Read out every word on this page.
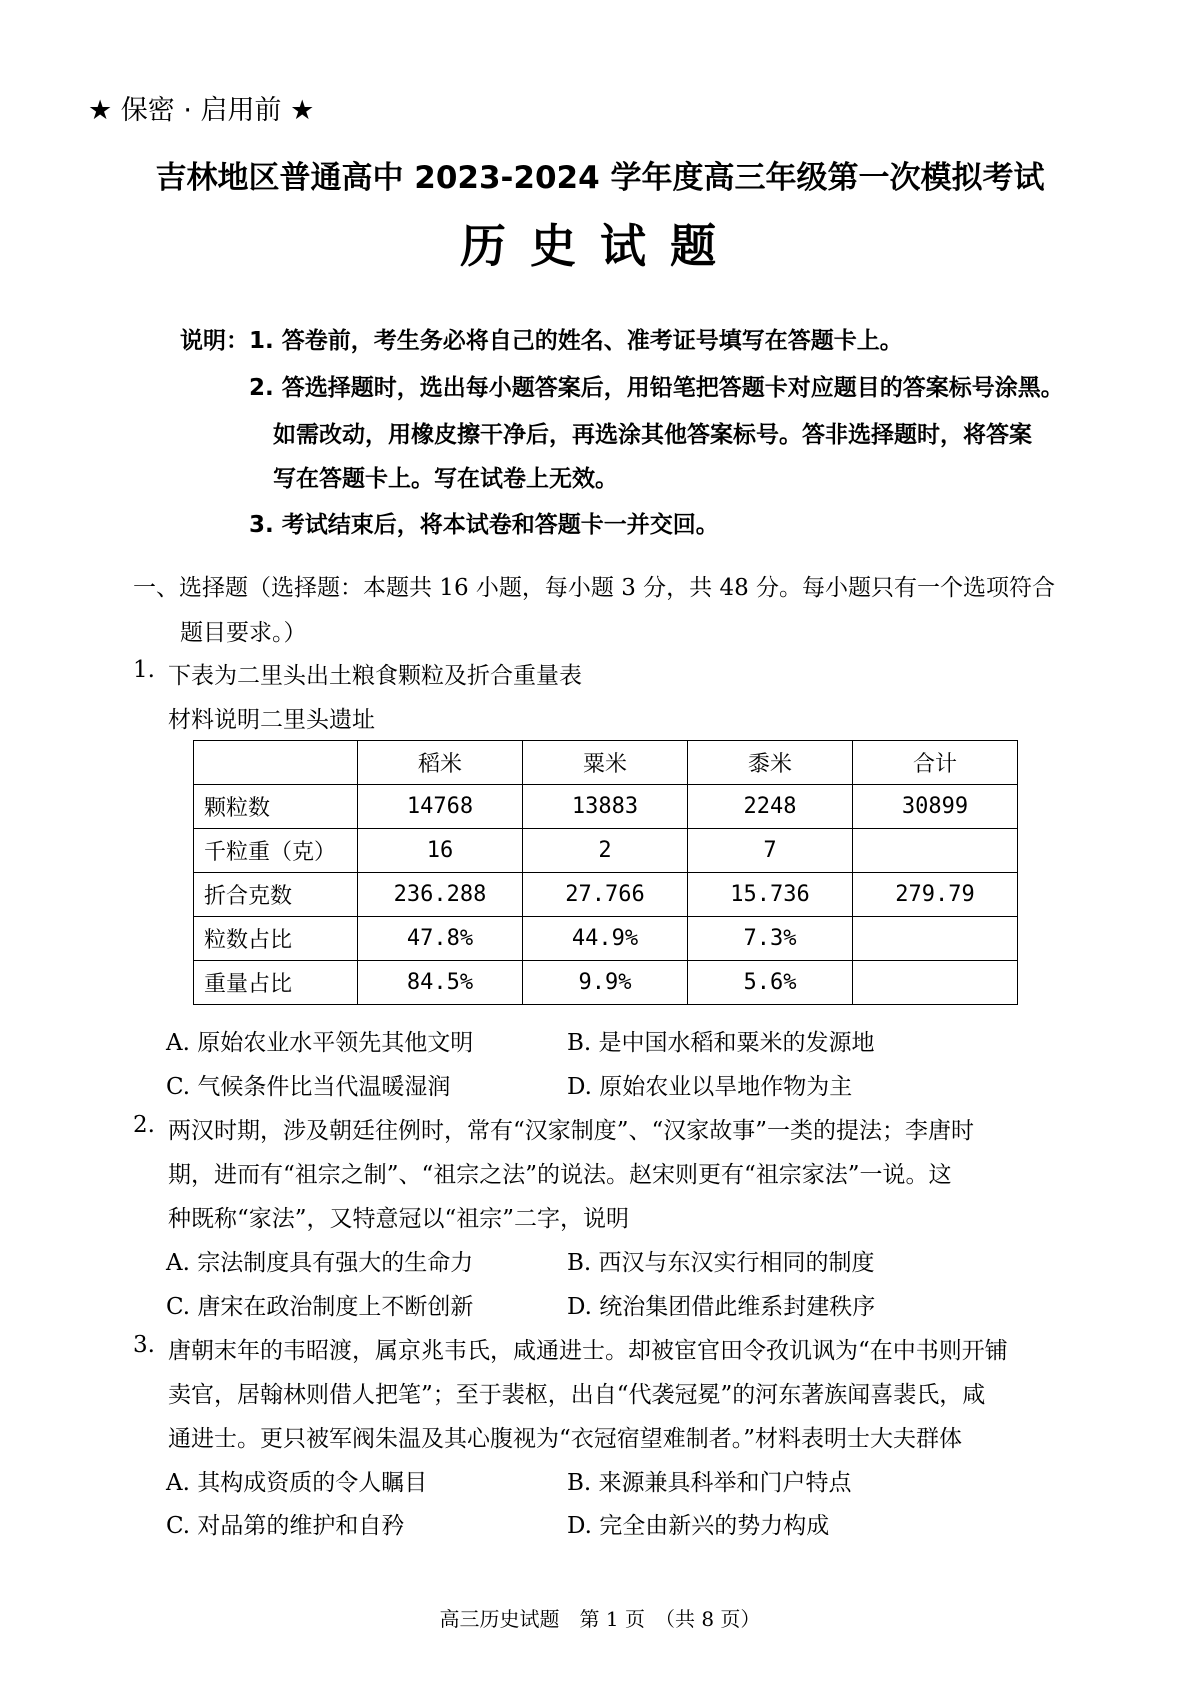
★ 保密 · 启用前 ★
吉林地区普通高中 2023-2024 学年度高三年级第一次模拟考试
历史试题
说明： 1. 答卷前，考生务必将自己的姓名、准考证号填写在答题卡上。
2. 答选择题时，选出每小题答案后，用铅笔把答题卡对应题目的答案标号涂黑。
如需改动，用橡皮擦干净后，再选涂其他答案标号。答非选择题时，将答案
写在答题卡上。写在试卷上无效。
3. 考试结束后，将本试卷和答题卡一并交回。
一、选择题（选择题：本题共 16 小题，每小题 3 分，共 48 分。每小题只有一个选项符合
题目要求。）
1. 下表为二里头出土粮食颗粒及折合重量表
材料说明二里头遗址
	稻米	粟米	黍米	合计
颗粒数	14768	13883	2248	30899
千粒重（克）	16	2	7	
折合克数	236.288	27.766	15.736	279.79
粒数占比	47.8%	44.9%	7.3%	
重量占比	84.5%	9.9%	5.6%	
A. 原始农业水平领先其他文明	B. 是中国水稻和粟米的发源地
C. 气候条件比当代温暖湿润	D. 原始农业以旱地作物为主
2. 两汉时期，涉及朝廷往例时，常有“汉家制度”、“汉家故事”一类的提法；李唐时
期，进而有“祖宗之制”、“祖宗之法”的说法。赵宋则更有“祖宗家法”一说。这
种既称“家法”，又特意冠以“祖宗”二字，说明
A. 宗法制度具有强大的生命力	B. 西汉与东汉实行相同的制度
C. 唐宋在政治制度上不断创新	D. 统治集团借此维系封建秩序
3. 唐朝末年的韦昭渡，属京兆韦氏，咸通进士。却被宦官田令孜讥讽为“在中书则开铺
卖官，居翰林则借人把笔”；至于裴枢，出自“代袭冠冕”的河东著族闻喜裴氏，咸
通进士。更只被军阀朱温及其心腹视为“衣冠宿望难制者。”材料表明士大夫群体
A. 其构成资质的令人瞩目	B. 来源兼具科举和门户特点
C. 对品第的维护和自矜	D. 完全由新兴的势力构成
高三历史试题　第 1 页　（共 8 页）
